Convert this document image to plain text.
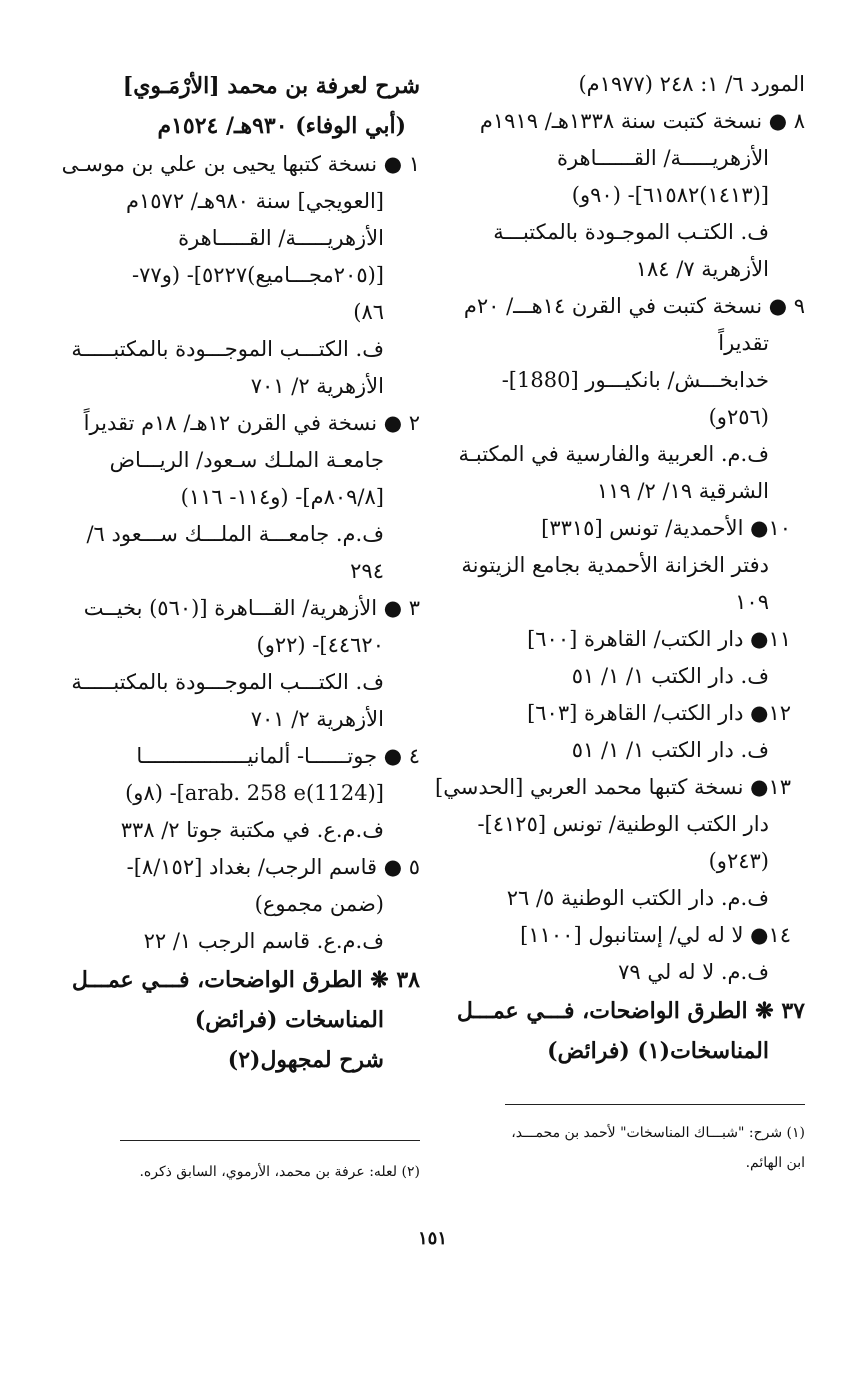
المورد ٦/ ١: ٢٤٨ (١٩٧٧م)
٨ ● نسخة كتبت سنة ١٣٣٨هـ/ ١٩١٩م
الأزهريـــــة/ القــــــاهرة
[(١٤١٣)٦١٥٨٢]- (٩٠و)
ف. الكتـب الموجـودة بالمكتبـــة
الأزهرية ٧/ ١٨٤
٩ ● نسخة كتبت في القرن ١٤هـــ/ ٢٠م
تقديراً
خدابخـــش/ بانكيـــور [1880]-
(٢٥٦و)
ف.م. العربية والفارسية في المكتبـة
الشرقية ١٩/ ٢/ ١١٩
١٠● الأحمدية/ تونس [٣٣١٥]
دفتر الخزانة الأحمدية بجامع الزيتونة
١٠٩
١١● دار الكتب/ القاهرة [٦٠٠]
ف. دار الكتب ١/ ١/ ٥١
١٢● دار الكتب/ القاهرة [٦٠٣]
ف. دار الكتب ١/ ١/ ٥١
١٣● نسخة كتبها محمد العربي [الحدسي]
دار الكتب الوطنية/ تونس [٤١٢٥]-
(٢٤٣و)
ف.م. دار الكتب الوطنية ٥/ ٢٦
١٤● لا له لي/ إستانبول [١١٠٠]
ف.م. لا له لي ٧٩
٣٧ ❋ الطرق الواضحات، فـــي عمـــل
المناسخات(١) (فرائض)
شرح لعرفة بن محمد [الأرْمَـوي]
(أبي الوفاء) ٩٣٠هـ/ ١٥٢٤م
١ ● نسخة كتبها يحيى بن علي بن موسـى
[العويجي] سنة ٩٨٠هـ/ ١٥٧٢م
الأزهريـــــة/ القـــــاهرة
[(٢٠٥مجـــاميع)٥٢٢٧]- (و٧٧-
٨٦)
ف. الكتـــب الموجـــودة بالمكتبـــــة
الأزهرية ٢/ ٧٠١
٢ ● نسخة في القرن ١٢هـ/ ١٨م تقديراً
جامعـة الملـك سـعود/ الريـــاض
[٨٠٩/٨م]- (و١١٤- ١١٦)
ف.م. جامعـــة الملـــك ســـعود ٦/
٢٩٤
٣ ● الأزهرية/ القـــاهرة [(٥٦٠) بخيــت
٤٤٦٢٠]- (٢٢و)
ف. الكتـــب الموجـــودة بالمكتبـــــة
الأزهرية ٢/ ٧٠١
٤ ● جوتــــــا- ألمانيـــــــــــــــــا
[(1124)arab. 258 e]- (٨و)
ف.م.ع. في مكتبة جوتا ٢/ ٣٣٨
٥ ● قاسم الرجب/ بغداد [٨/١٥٢]-
(ضمن مجموع)
ف.م.ع. قاسم الرجب ١/ ٢٢
٣٨ ❋ الطرق الواضحات، فـــي عمـــل
المناسخات (فرائض)
شرح لمجهول(٢)
(١) شرح: "شبـــاك المناسخات" لأحمد بن محمـــد،
ابن الهائم.
(٢) لعله: عرفة بن محمد، الأرموي، السابق ذكره.
١٥١
